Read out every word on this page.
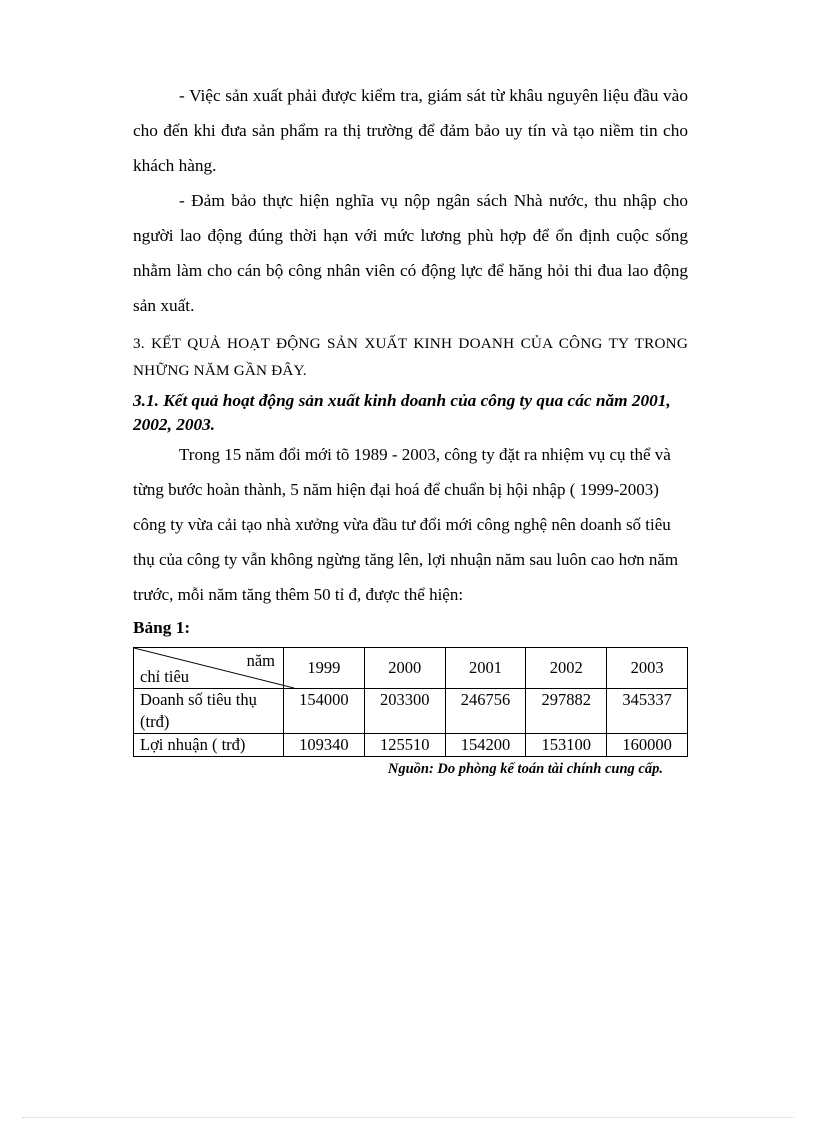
- Việc sản xuất phải được kiểm tra, giám sát từ khâu nguyên liệu đầu vào cho đến khi đưa sản phẩm ra thị trường để đảm bảo uy tín và tạo niềm tin cho khách hàng.

- Đảm bảo thực hiện nghĩa vụ nộp ngân sách Nhà nước, thu nhập cho người lao động đúng thời hạn với mức lương phù hợp để ổn định cuộc sống nhằm làm cho cán bộ công nhân viên có động lực để hăng hỏi thi đua lao động sản xuất.

3. KẾT QUẢ HOẠT ĐỘNG SẢN XUẤT KINH DOANH CỦA CÔNG TY TRONG NHỮNG NĂM GẦN ĐÂY.

3.1. Kết quả hoạt động sản xuất kinh doanh của công ty qua các năm 2001, 2002, 2003.

Trong 15 năm đổi mới tõ 1989 - 2003, công ty đặt ra nhiệm vụ cụ thể và từng bước hoàn thành, 5 năm hiện đại hoá để chuẩn bị hội nhập ( 1999-2003) công ty vừa cải tạo nhà xưởng vừa đầu tư đổi mới công nghệ nên doanh số tiêu thụ của công ty vẫn không ngừng tăng lên, lợi nhuận năm sau luôn cao hơn năm trước, mỗi năm tăng thêm 50 tỉ đ, được thể hiện:

Bảng 1:

năm
chỉ tiêu	1999	2000	2001	2002	2003
Doanh số tiêu thụ (trđ)	154000	203300	246756	297882	345337
Lợi nhuận ( trđ)	109340	125510	154200	153100	160000

Nguồn: Do phòng kế toán tài chính cung cấp.
